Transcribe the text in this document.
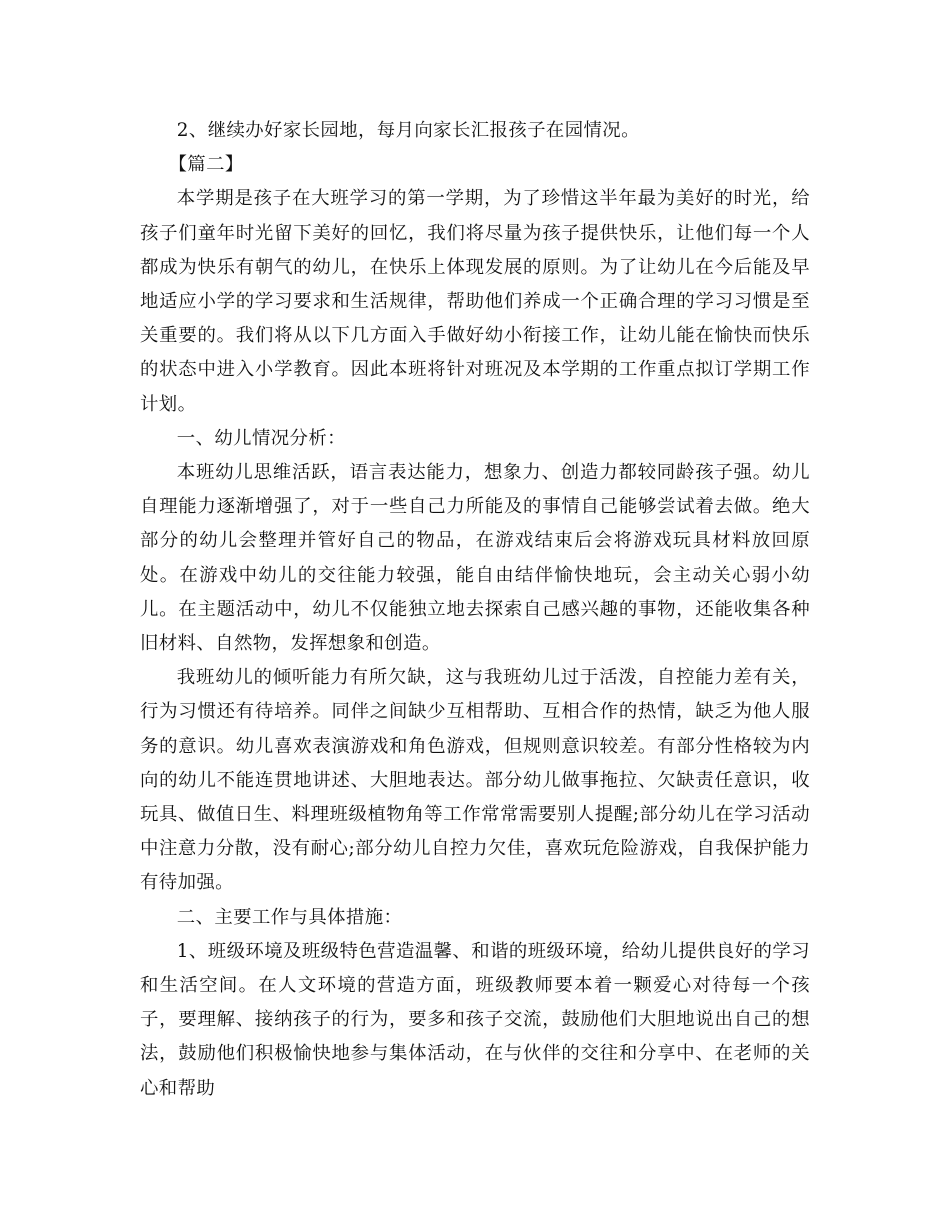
2、继续办好家长园地，每月向家长汇报孩子在园情况。

【篇二】

本学期是孩子在大班学习的第一学期，为了珍惜这半年最为美好的时光，给孩子们童年时光留下美好的回忆，我们将尽量为孩子提供快乐，让他们每一个人都成为快乐有朝气的幼儿，在快乐上体现发展的原则。为了让幼儿在今后能及早地适应小学的学习要求和生活规律，帮助他们养成一个正确合理的学习习惯是至关重要的。我们将从以下几方面入手做好幼小衔接工作，让幼儿能在愉快而快乐的状态中进入小学教育。因此本班将针对班况及本学期的工作重点拟订学期工作计划。

一、幼儿情况分析：

本班幼儿思维活跃，语言表达能力，想象力、创造力都较同龄孩子强。幼儿自理能力逐渐增强了，对于一些自己力所能及的事情自己能够尝试着去做。绝大部分的幼儿会整理并管好自己的物品，在游戏结束后会将游戏玩具材料放回原处。在游戏中幼儿的交往能力较强，能自由结伴愉快地玩，会主动关心弱小幼儿。在主题活动中，幼儿不仅能独立地去探索自己感兴趣的事物，还能收集各种旧材料、自然物，发挥想象和创造。

我班幼儿的倾听能力有所欠缺，这与我班幼儿过于活泼，自控能力差有关，行为习惯还有待培养。同伴之间缺少互相帮助、互相合作的热情，缺乏为他人服务的意识。幼儿喜欢表演游戏和角色游戏，但规则意识较差。有部分性格较为内向的幼儿不能连贯地讲述、大胆地表达。部分幼儿做事拖拉、欠缺责任意识，收玩具、做值日生、料理班级植物角等工作常常需要别人提醒;部分幼儿在学习活动中注意力分散，没有耐心;部分幼儿自控力欠佳，喜欢玩危险游戏，自我保护能力有待加强。

二、主要工作与具体措施：

1、班级环境及班级特色营造温馨、和谐的班级环境，给幼儿提供良好的学习和生活空间。在人文环境的营造方面，班级教师要本着一颗爱心对待每一个孩子，要理解、接纳孩子的行为，要多和孩子交流，鼓励他们大胆地说出自己的想法，鼓励他们积极愉快地参与集体活动，在与伙伴的交往和分享中、在老师的关心和帮助
